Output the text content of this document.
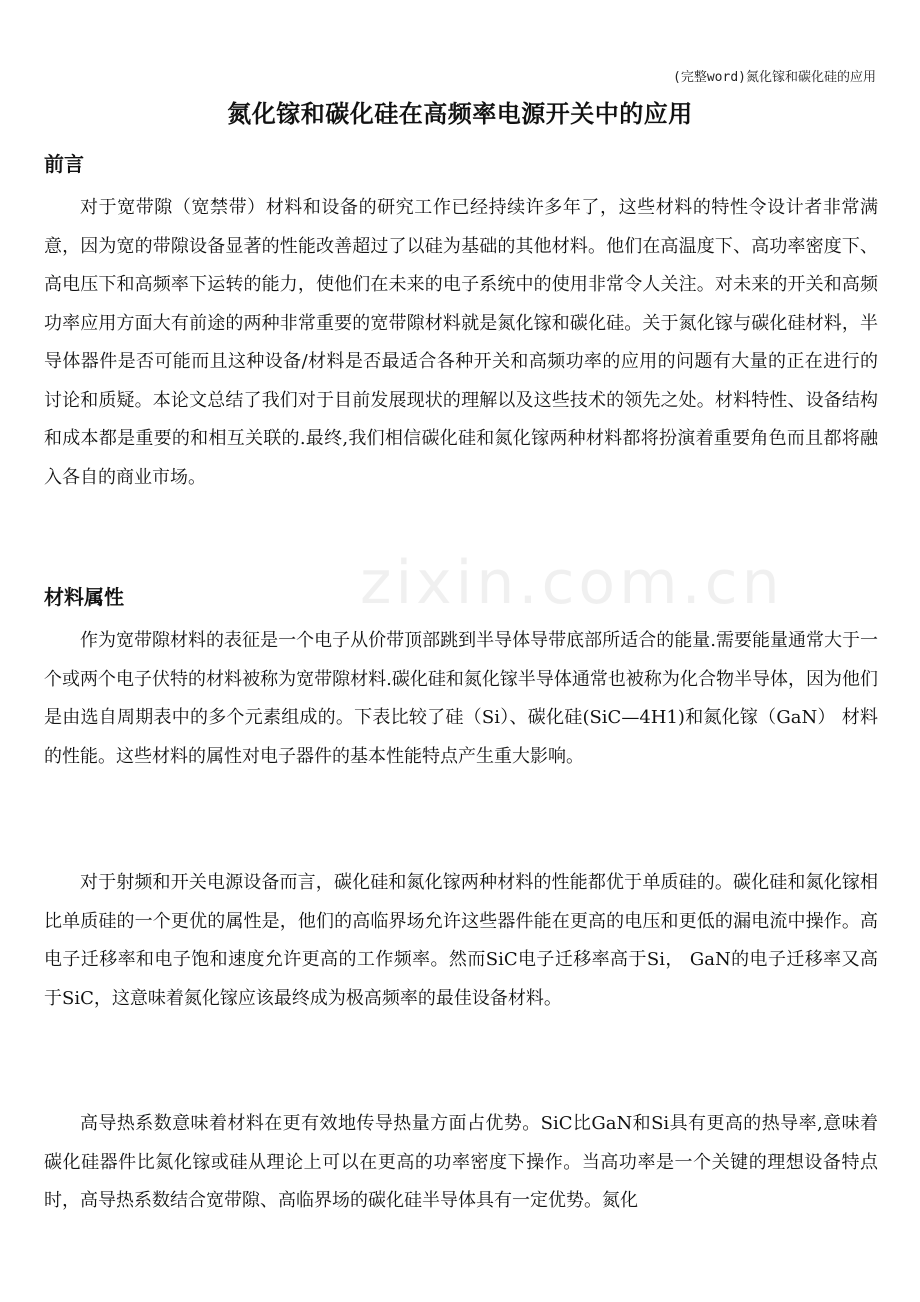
zixin.com.cn
(完整word)氮化镓和碳化硅的应用
氮化镓和碳化硅在高频率电源开关中的应用
前言

对于宽带隙（宽禁带）材料和设备的研究工作已经持续许多年了，这些材料的特性令设计者非常满意，因为宽的带隙设备显著的性能改善超过了以硅为基础的其他材料。他们在高温度下、高功率密度下、高电压下和高频率下运转的能力，使他们在未来的电子系统中的使用非常令人关注。对未来的开关和高频功率应用方面大有前途的两种非常重要的宽带隙材料就是氮化镓和碳化硅。关于氮化镓与碳化硅材料，半导体器件是否可能而且这种设备/材料是否最适合各种开关和高频功率的应用的问题有大量的正在进行的讨论和质疑。本论文总结了我们对于目前发展现状的理解以及这些技术的领先之处。材料特性、设备结构和成本都是重要的和相互关联的.最终,我们相信碳化硅和氮化镓两种材料都将扮演着重要角色而且都将融入各自的商业市场。

材料属性

作为宽带隙材料的表征是一个电子从价带顶部跳到半导体导带底部所适合的能量.需要能量通常大于一个或两个电子伏特的材料被称为宽带隙材料.碳化硅和氮化镓半导体通常也被称为化合物半导体，因为他们是由选自周期表中的多个元素组成的。下表比较了硅（Si）、碳化硅(SiC—4H1)和氮化镓（GaN） 材料的性能。这些材料的属性对电子器件的基本性能特点产生重大影响。

对于射频和开关电源设备而言，碳化硅和氮化镓两种材料的性能都优于单质硅的。碳化硅和氮化镓相比单质硅的一个更优的属性是，他们的高临界场允许这些器件能在更高的电压和更低的漏电流中操作。高电子迁移率和电子饱和速度允许更高的工作频率。然而SiC电子迁移率高于Si， GaN的电子迁移率又高于SiC，这意味着氮化镓应该最终成为极高频率的最佳设备材料。

高导热系数意味着材料在更有效地传导热量方面占优势。SiC比GaN和Si具有更高的热导率,意味着碳化硅器件比氮化镓或硅从理论上可以在更高的功率密度下操作。当高功率是一个关键的理想设备特点时，高导热系数结合宽带隙、高临界场的碳化硅半导体具有一定优势。氮化
